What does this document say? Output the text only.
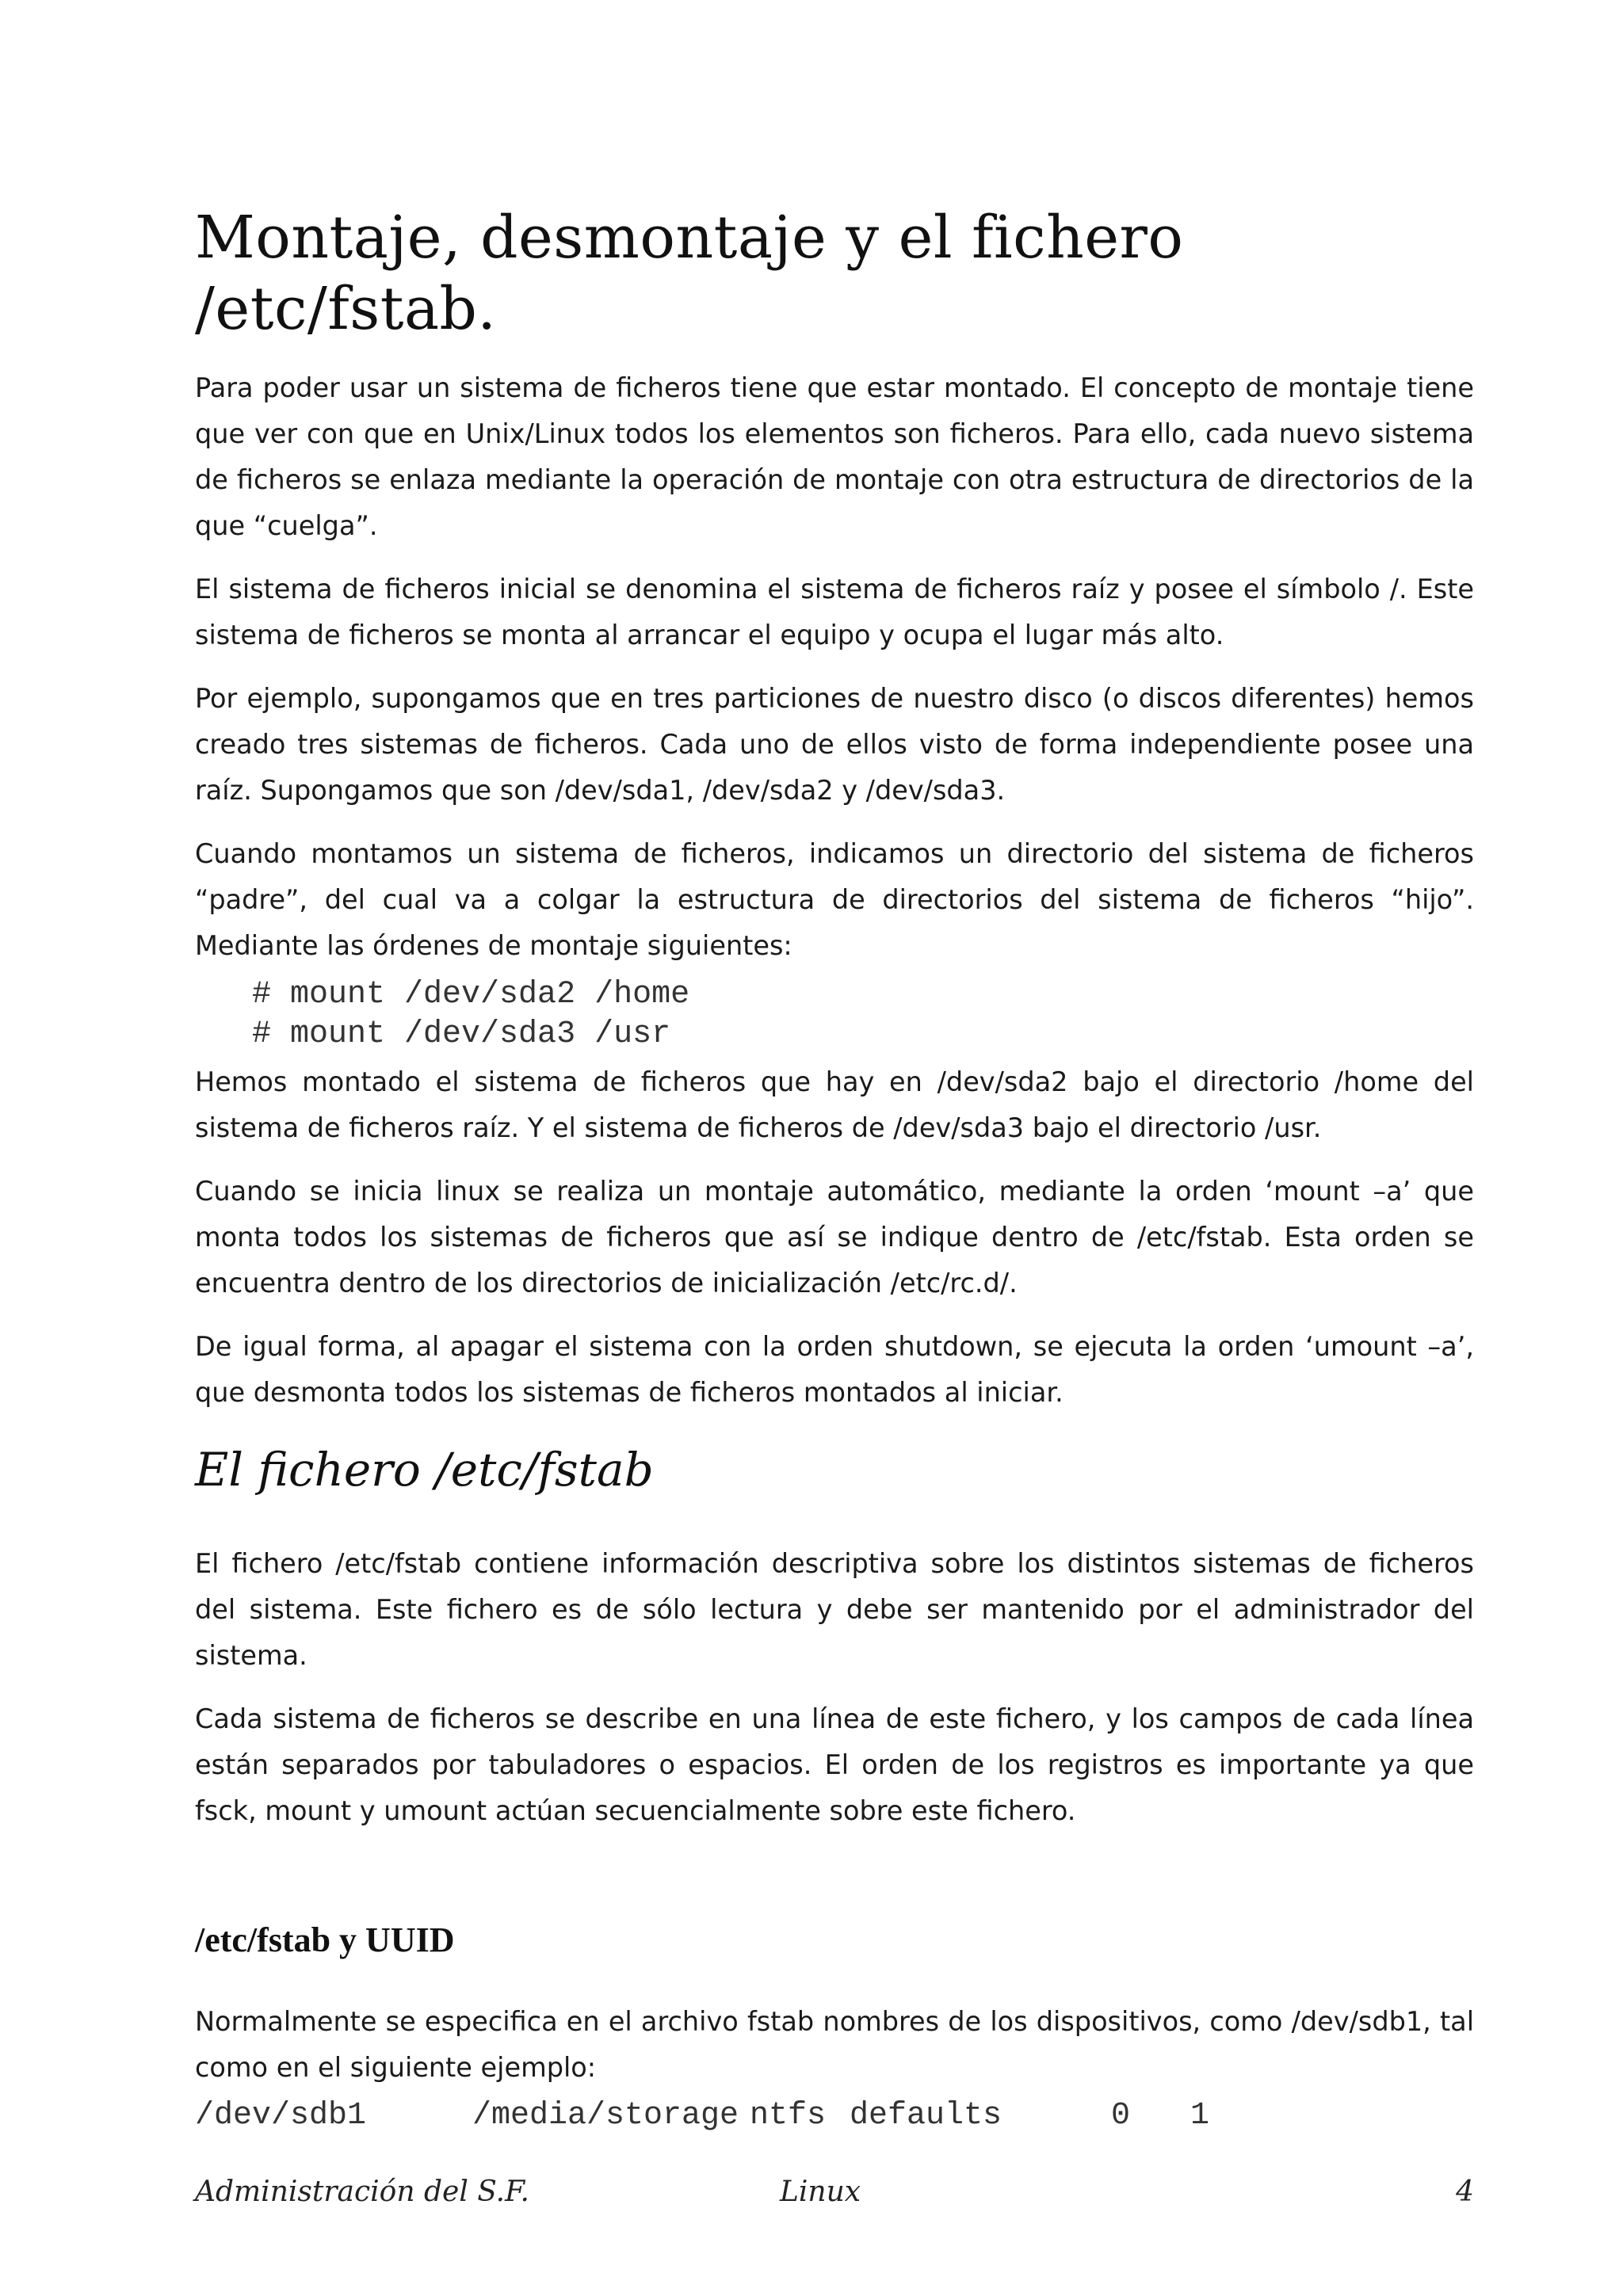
Montaje, desmontaje y el fichero /etc/fstab.

Para poder usar un sistema de ficheros tiene que estar montado. El concepto de montaje tiene que ver con que en Unix/Linux todos los elementos son ficheros. Para ello, cada nuevo sistema de ficheros se enlaza mediante la operación de montaje con otra estructura de directorios de la que “cuelga”.

El sistema de ficheros inicial se denomina el sistema de ficheros raíz y posee el símbolo /. Este sistema de ficheros se monta al arrancar el equipo y ocupa el lugar más alto.

Por ejemplo, supongamos que en tres particiones de nuestro disco (o discos diferentes) hemos creado tres sistemas de ficheros. Cada uno de ellos visto de forma independiente posee una raíz. Supongamos que son /dev/sda1, /dev/sda2 y /dev/sda3.

Cuando montamos un sistema de ficheros, indicamos un directorio del sistema de ficheros “padre”, del cual va a colgar la estructura de directorios del sistema de ficheros “hijo”. Mediante las órdenes de montaje siguientes:

# mount /dev/sda2 /home
# mount /dev/sda3 /usr

Hemos montado el sistema de ficheros que hay en /dev/sda2 bajo el directorio /home del sistema de ficheros raíz. Y el sistema de ficheros de /dev/sda3 bajo el directorio /usr.

Cuando se inicia linux se realiza un montaje automático, mediante la orden ‘mount –a’ que monta todos los sistemas de ficheros que así se indique dentro de /etc/fstab. Esta orden se encuentra dentro de los directorios de inicialización /etc/rc.d/.

De igual forma, al apagar el sistema con la orden shutdown, se ejecuta la orden ‘umount –a’, que desmonta todos los sistemas de ficheros montados al iniciar.

El fichero /etc/fstab

El fichero /etc/fstab contiene información descriptiva sobre los distintos sistemas de ficheros del sistema. Este fichero es de sólo lectura y debe ser mantenido por el administrador del sistema.

Cada sistema de ficheros se describe en una línea de este fichero, y los campos de cada línea están separados por tabuladores o espacios. El orden de los registros es importante ya que fsck, mount y umount actúan secuencialmente sobre este fichero.

/etc/fstab y UUID

Normalmente se especifica en el archivo fstab nombres de los dispositivos, como /dev/sdb1, tal como en el siguiente ejemplo:

/dev/sdb1	/media/storage ntfs defaults	0	1
Administración del S.F.	Linux	4
